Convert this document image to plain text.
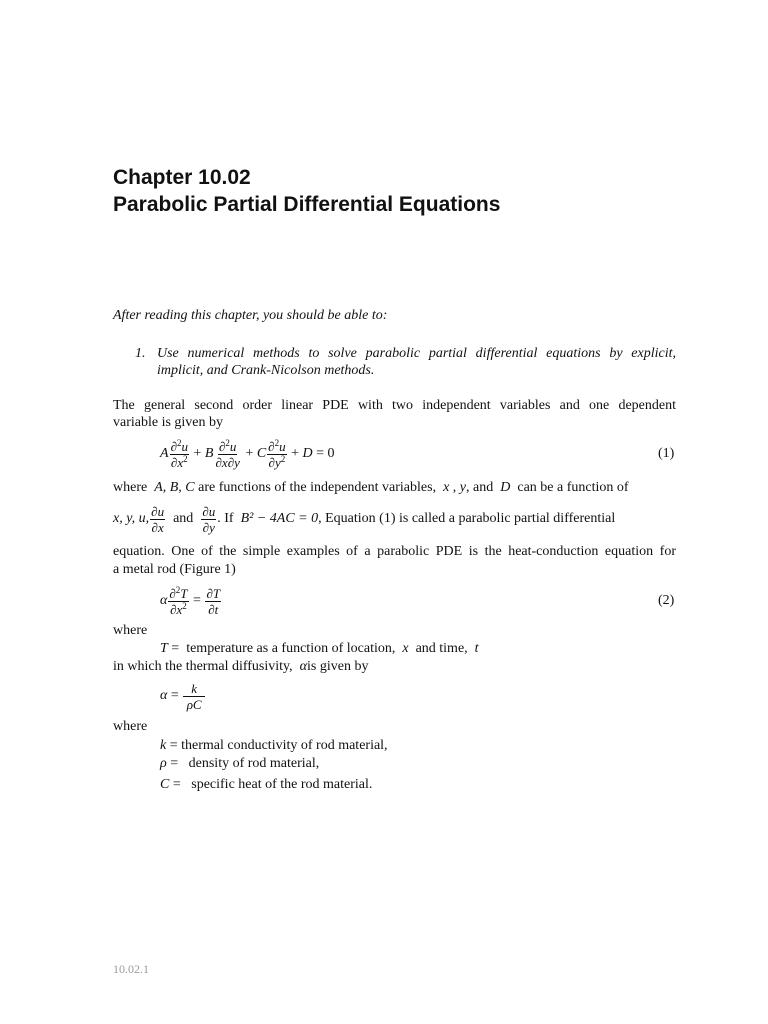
Chapter 10.02
Parabolic Partial Differential Equations
After reading this chapter, you should be able to:
1. Use numerical methods to solve parabolic partial differential equations by explicit,
implicit, and Crank-Nicolson methods.
The general second order linear PDE with two independent variables and one dependent
variable is given by
A $\frac{\partial^2u}{\partial x^2} + B \frac{\partial^2u}{\partial x\partial y} + C \frac{\partial^2u}{\partial y^2} + D = 0$	(1)
where A, B, C are functions of the independent variables, x , y, and D can be a function of
x, y, u, $\frac{\partial u}{\partial x}$
and
$\frac{\partial u}{\partial y}$ . If
B² − 4AC = 0 , Equation (1) is called a parabolic partial differential
equation. One of the simple examples of a parabolic PDE is the heat-conduction equation for
a metal rod (Figure 1)
α $\frac{\partial^2T}{\partial x^2} = \frac{\partial T}{\partial t}$	(2)
where
T =  temperature as a function of location, x and time, t
in which the thermal diffusivity, αis given by
$\alpha = \frac{k}{\rho C}$
where
k = thermal conductivity of rod material,
ρ =   density of rod material,
C =   specific heat of the rod material.
10.02.1
